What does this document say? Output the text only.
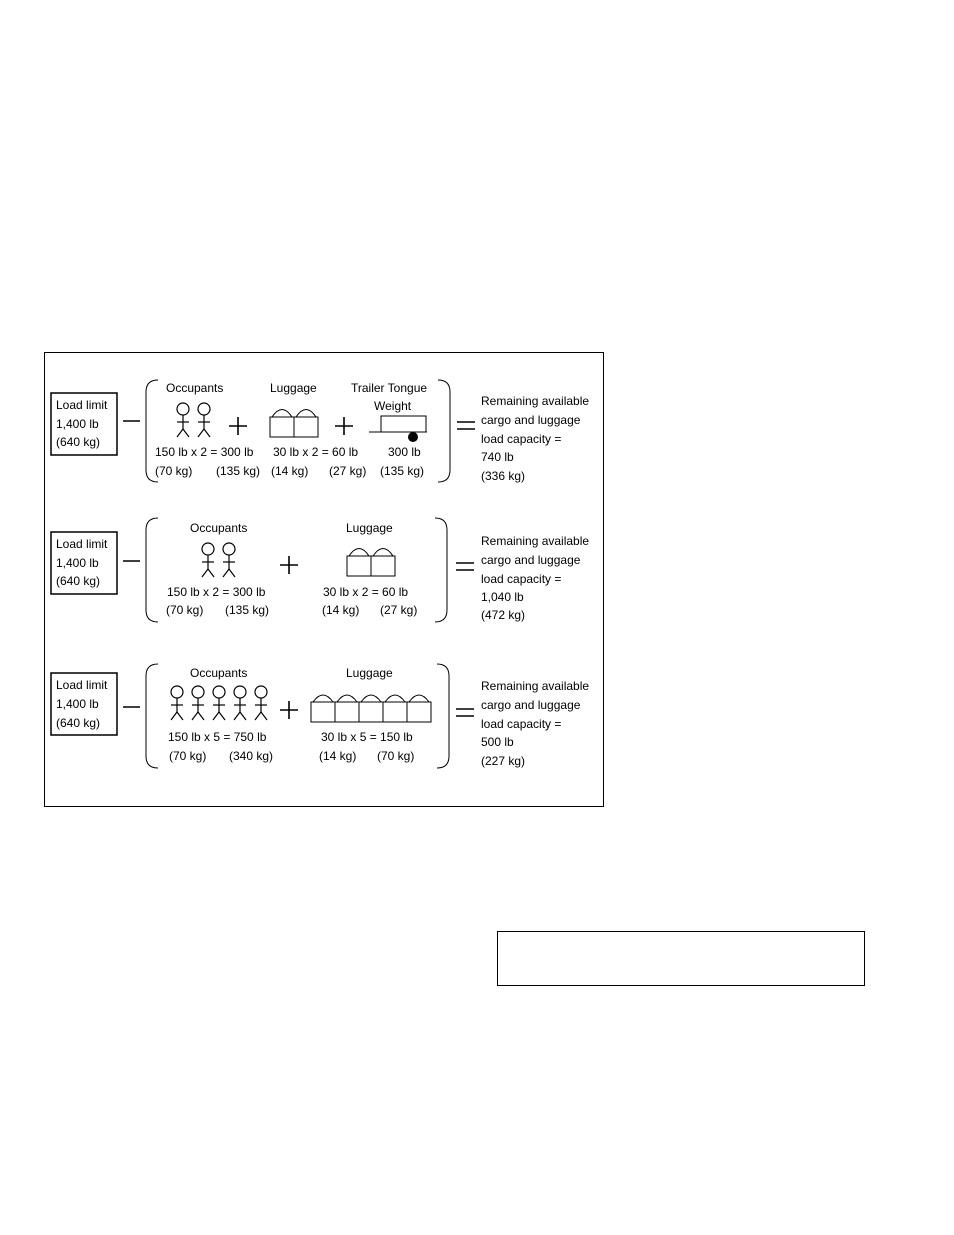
Load limit
1,400 lb
(640 kg)
Occupants	Luggage	Trailer Tongue
Weight
150 lb x 2 = 300 lb 30 lb x 2 = 60 lb 300 lb
(70 kg) (135 kg) (14 kg) (27 kg) (135 kg)
Remaining available
cargo and luggage
load capacity =
740 lb
(336 kg)
Load limit
1,400 lb
(640 kg)
Occupants	Luggage
150 lb x 2 = 300 lb	30 lb x 2 = 60 lb
(70 kg) (135 kg)	(14 kg) (27 kg)
Remaining available
cargo and luggage
load capacity =
1,040 lb
(472 kg)
Load limit
1,400 lb
(640 kg)
Occupants	Luggage
150 lb x 5 = 750 lb	30 lb x 5 = 150 lb
(70 kg) (340 kg)	(14 kg) (70 kg)
Remaining available
cargo and luggage
load capacity =
500 lb
(227 kg)
